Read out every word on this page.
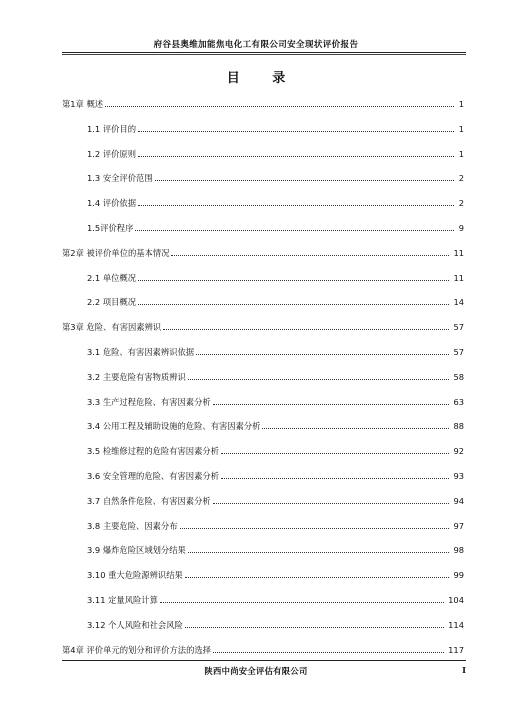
府谷县奥维加能焦电化工有限公司安全现状评价报告
目 录
第1章 概述	1
1.1 评价目的	1
1.2 评价原则	1
1.3 安全评价范围	2
1.4 评价依据	2
1.5评价程序	9
第2章 被评价单位的基本情况	11
2.1 单位概况	11
2.2 项目概况	14
第3章 危险、有害因素辨识	57
3.1 危险、有害因素辨识依据	57
3.2 主要危险有害物质辨识	58
3.3 生产过程危险、有害因素分析	63
3.4 公用工程及辅助设施的危险、有害因素分析	88
3.5 检维修过程的危险有害因素分析	92
3.6 安全管理的危险、有害因素分析	93
3.7 自然条件危险、有害因素分析	94
3.8 主要危险、因素分布	97
3.9 爆炸危险区域划分结果	98
3.10 重大危险源辨识结果	99
3.11 定量风险计算	104
3.12 个人风险和社会风险	114
第4章 评价单元的划分和评价方法的选择	117
陕西中尚安全评估有限公司	I
